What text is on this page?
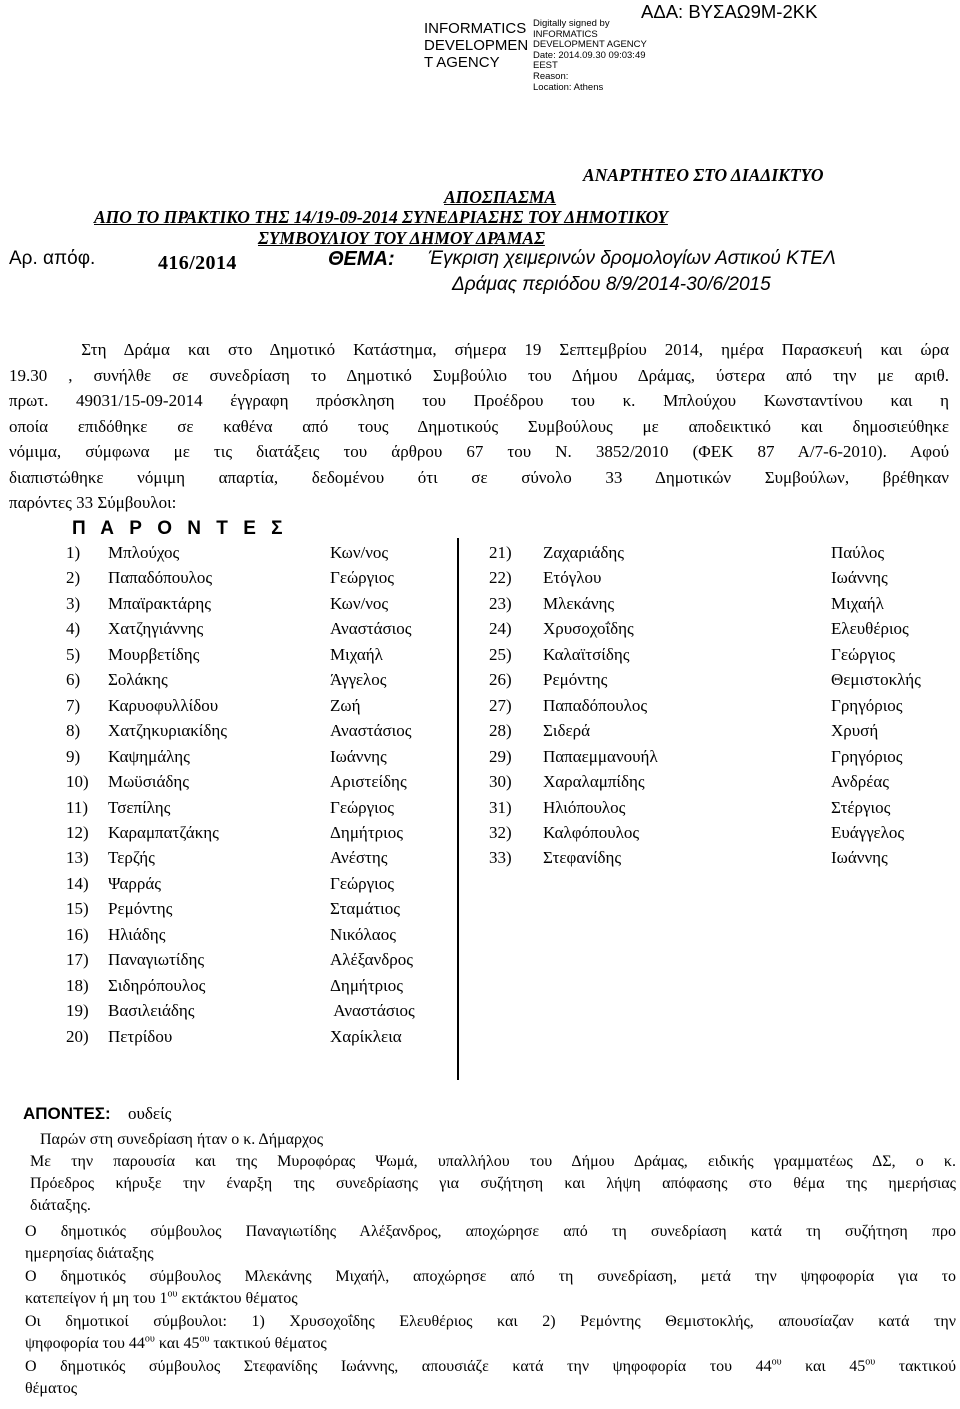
INFORMATICS
DEVELOPMEN
T AGENCY
Digitally signed by
INFORMATICS
DEVELOPMENT AGENCY
Date: 2014.09.30 09:03:49
EEST
Reason:
Location: Athens
ΑΔΑ: ΒΥΣΑΩ9Μ-2ΚΚ
ΑΝΑΡΤΗΤΕΟ ΣΤΟ ΔΙΑΔΙΚΤΥΟ
ΑΠΟΣΠΑΣΜΑ
ΑΠΟ ΤΟ ΠΡΑΚΤΙΚΟ ΤΗΣ 14/19-09-2014 ΣΥΝΕΔΡΙΑΣΗΣ ΤΟΥ ΔΗΜΟΤΙΚΟΥ
ΣΥΜΒΟΥΛΙΟΥ ΤΟΥ ΔΗΜΟΥ ΔΡΑΜΑΣ
Αρ. απόφ.	416/2014	ΘΕΜΑ: Έγκριση χειμερινών δρομολογίων Αστικού ΚΤΕΛ
Δράμας περιόδου 8/9/2014-30/6/2015
Στη Δράμα και στο Δημοτικό Κατάστημα, σήμερα 19 Σεπτεμβρίου 2014, ημέρα Παρασκευή και ώρα
19.30 , συνήλθε σε συνεδρίαση το Δημοτικό Συμβούλιο του Δήμου Δράμας, ύστερα από την με αριθ.
πρωτ. 49031/15-09-2014 έγγραφη πρόσκληση του Προέδρου του κ. Μπλούχου Κωνσταντίνου και η
οποία επιδόθηκε σε καθένα από τους Δημοτικούς Συμβούλους με αποδεικτικό και δημοσιεύθηκε
νόμιμα, σύμφωνα με τις διατάξεις του άρθρου 67 του Ν. 3852/2010 (ΦΕΚ 87 Α/7-6-2010). Αφού
διαπιστώθηκε νόμιμη απαρτία, δεδομένου ότι σε σύνολο 33 Δημοτικών Συμβούλων, βρέθηκαν
παρόντες 33 Σύμβουλοι:
Π Α Ρ Ο Ν Τ Ε Σ
1) Μπλούχος	Κων/νος
2) Παπαδόπουλος	Γεώργιος
3) Μπαϊρακτάρης	Κων/νος
4) Χατζηγιάννης	Αναστάσιος
5) Μουρβετίδης	Μιχαήλ
6) Σολάκης	Άγγελος
7) Καρυοφυλλίδου	Ζωή
8) Χατζηκυριακίδης	Αναστάσιος
9) Καψημάλης	Ιωάννης
10) Μωϋσιάδης	Αριστείδης
11) Τσεπίλης	Γεώργιος
12) Καραμπατζάκης	Δημήτριος
13) Τερζής	Ανέστης
14) Ψαρράς	Γεώργιος
15) Ρεμόντης	Σταμάτιος
16) Ηλιάδης	Νικόλαος
17) Παναγιωτίδης	Αλέξανδρος
18) Σιδηρόπουλος	Δημήτριος
19) Βασιλειάδης	Αναστάσιος
20) Πετρίδου	Χαρίκλεια
21) Ζαχαριάδης	Παύλος
22) Ετόγλου	Ιωάννης
23) Μλεκάνης	Μιχαήλ
24) Χρυσοχοΐδης	Ελευθέριος
25) Καλαϊτσίδης	Γεώργιος
26) Ρεμόντης	Θεμιστοκλής
27) Παπαδόπουλος	Γρηγόριος
28) Σιδερά	Χρυσή
29) Παπαεμμανουήλ	Γρηγόριος
30) Χαραλαμπίδης	Ανδρέας
31) Ηλιόπουλος	Στέργιος
32) Καλφόπουλος	Ευάγγελος
33) Στεφανίδης	Ιωάννης
ΑΠΟΝΤΕΣ: ουδείς
Παρών στη συνεδρίαση ήταν ο κ. Δήμαρχος
Με την παρουσία και της Μυροφόρας Ψωμά, υπαλλήλου του Δήμου Δράμας, ειδικής γραμματέως ΔΣ, ο κ.
Πρόεδρος κήρυξε την έναρξη της συνεδρίασης για συζήτηση και λήψη απόφασης στο θέμα της ημερήσιας
διάταξης.
Ο δημοτικός σύμβουλος Παναγιωτίδης Αλέξανδρος, αποχώρησε από τη συνεδρίαση κατά τη συζήτηση προ
ημερησίας διάταξης
Ο δημοτικός σύμβουλος Μλεκάνης Μιχαήλ, αποχώρησε από τη συνεδρίαση, μετά την ψηφοφορία για το
κατεπείγον ή μη του $1^{o\upsilon}$ εκτάκτου θέματος
Οι δημοτικοί σύμβουλοι: 1) Χρυσοχοΐδης Ελευθέριος και 2) Ρεμόντης Θεμιστοκλής, απουσίαζαν κατά την
ψηφοφορία του $44^{o\upsilon}$ και $45^{o\upsilon}$ τακτικού θέματος
Ο δημοτικός σύμβουλος Στεφανίδης Ιωάννης, απουσιάζε κατά την ψηφοφορία του $44^{o\upsilon}$ και $45^{o\upsilon}$ τακτικού
θέματος
